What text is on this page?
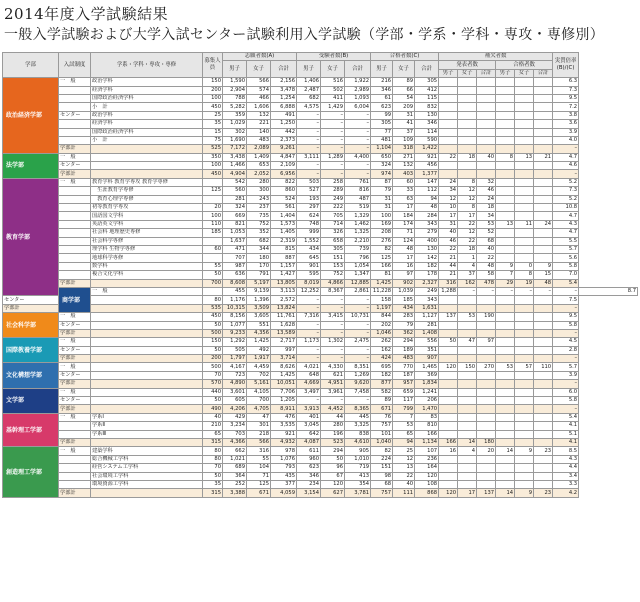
2014年度入学試験結果
一般入学試験および大学入試センター試験利用入学試験（学部・学系・学科・専攻・専修別）
学部	入試制度	学系・学科・専攻・専修	募集人員	志願者数(A)			受験者数(B)			合格者数(C)			補欠者数						実質倍率(B)/(C)	
				男子	女子	合計	男子	女子	合計	男子	女子	合計	発表者数			合格者数				
													男子	女子	合計	男子	女子	合計		
政治経済学部	一　般	政治学科	150	1,590	566	2,156	1,406	516	1,922	216	89	305							6.3	
		経済学科	200	2,904	574	3,478	2,487	502	2,989	346	66	412							7.3	
		国際政治経済学科	100	788	466	1,254	682	411	1,093	61	54	115							9.5	
		小　計	450	5,282	1,606	6,888	4,575	1,429	6,004	623	209	832							7.2	
	センター	政治学科	25	359	132	491	–	–	–	99	31	130							3.8	
		経済学科	35	1,029	221	1,250	–	–	–	305	41	346							3.6	
		国際政治経済学科	15	302	140	442	–	–	–	77	37	114							3.9	
		小　計	75	1,690	483	2,373	–	–	–	481	109	590							4.0	
	学部計		525	7,172	2,089	9,261	–	–	–	1,104	318	1,422							–	
法学部	一　般		350	3,438	1,409	4,847	3,111	1,289	4,400	650	271	921	22	18	40	8	13	21	4.7	
	センター		100	1,466	653	2,109	–	–	–	324	132	456							4.6	
	学部計		450	4,904	2,052	6,956	–	–	–	974	403	1,377							–	
教育学部	一　般	教育学科 教育学専攻 教育学専修		542	280	822	503	258	761	87	60	147	24	8	32				5.2	
		　生涯教育学専修	125	560	300	860	527	289	816	79	33	112	34	12	46				7.3	
		　教育心理学専修		281	243	524	193	249	487	31	63	94	12	12	24				5.2	
		初等教育学専攻	20	324	237	561	297	222	519	31	17	48	10	8	18				10.8	
		国語国文学科	100	669	735	1,404	624	705	1,329	100	184	284	17	17	34				4.7	
		英語英文学科	110	821	752	1,573	748	714	1,462	169	174	343	31	22	53	13	11	24	4.3	
		社会科 地理歴史専修	185	1,053	352	1,405	999	326	1,325	208	71	279	40	12	52				4.7	
		社会科学専修		1,637	682	2,319	1,552	658	2,210	276	124	400	46	22	68				5.5	
		理学科 生物学専修	60	471	344	815	434	305	739	82	48	130	22	18	40				5.7	
		地球科学専修		707	180	887	645	151	796	125	17	142	21	1	22				5.6	
		数学科	55	987	170	1,157	901	153	1,054	166	16	182	44	4	48	9	0	9	5.8	
		複合文化学科	50	636	791	1,427	595	752	1,347	81	97	178	21	37	58	7	8	15	7.0	
	学部計		700	8,608	5,197	13,805	8,019	4,866	12,885	1,425	902	2,327	316	162	478	29	19	48	5.4	
	商学部	一　般		455	9,139	3,113	12,252	8,367	2,861	11,228	1,039	249	1,288	–	–	–	–	–	–	8.7
センター			80	1,176	1,396	2,572	–	–	–	158	185	343							7.5	
学部計			535	10,315	3,509	13,824	–	–	–	1,197	434	1,631							–	
社会科学部	一　般		450	8,156	3,605	11,761	7,316	3,415	10,731	844	283	1,127	137	53	190				9.5	
	センター		50	1,077	551	1,628	–	–	–	202	79	281							5.8	
	学部計		500	9,233	4,356	13,589	–	–	–	1,046	362	1,408							–	
国際教養学部	一　般		150	1,292	1,425	2,717	1,173	1,302	2,475	262	294	556	50	47	97				4.5	
	センター		50	505	492	997	–	–	–	162	189	351							2.8	
	学部計		200	1,797	1,917	3,714	–	–	–	424	483	907							–	
文化構想学部	一　般		500	4,167	4,459	8,626	4,021	4,330	8,351	695	770	1,465	120	150	270	53	57	110	5.7	
	センター		70	723	702	1,425	648	621	1,269	182	187	369							3.9	
	学部計		570	4,890	5,161	10,051	4,669	4,951	9,620	877	957	1,834							–	
文学部	一　般		440	3,601	4,105	7,706	3,497	3,961	7,458	582	659	1,241							6.0	
	センター		50	605	700	1,205	–	–	–	89	117	206							5.8	
	学部計		490	4,206	4,705	8,911	3,913	4,452	8,365	671	799	1,470							–	
基幹理工学部	一　般	学系Ⅰ	40	429	47	476	401	44	445	76	7	83							5.4	
		学系Ⅱ	210	3,234	301	3,535	3,045	280	3,325	757	53	810							4.1	
		学系Ⅲ	65	703	218	921	642	196	838	101	65	166							5.1	
	学部計		315	4,366	566	4,932	4,087	523	4,610	1,040	94	1,134	166	14	180				4.1	
創造理工学部	一　般	建築学科	80	662	316	978	611	294	905	82	25	107	16	4	20	14	9	23	8.5	
		総合機械工学科	80	1,021	55	1,076	960	50	1,010	224	12	236							4.3	
		経営システム工学科	70	689	104	793	623	96	719	151	13	164							4.4	
		社会環境工学科	50	364	71	435	346	67	413	98	22	120							3.4	
		環境資源工学科	35	252	125	377	234	120	354	68	40	108							3.3	
	学部計		315	3,388	671	4,059	3,154	627	3,781	757	111	868	120	17	137	14	9	23	4.2	
